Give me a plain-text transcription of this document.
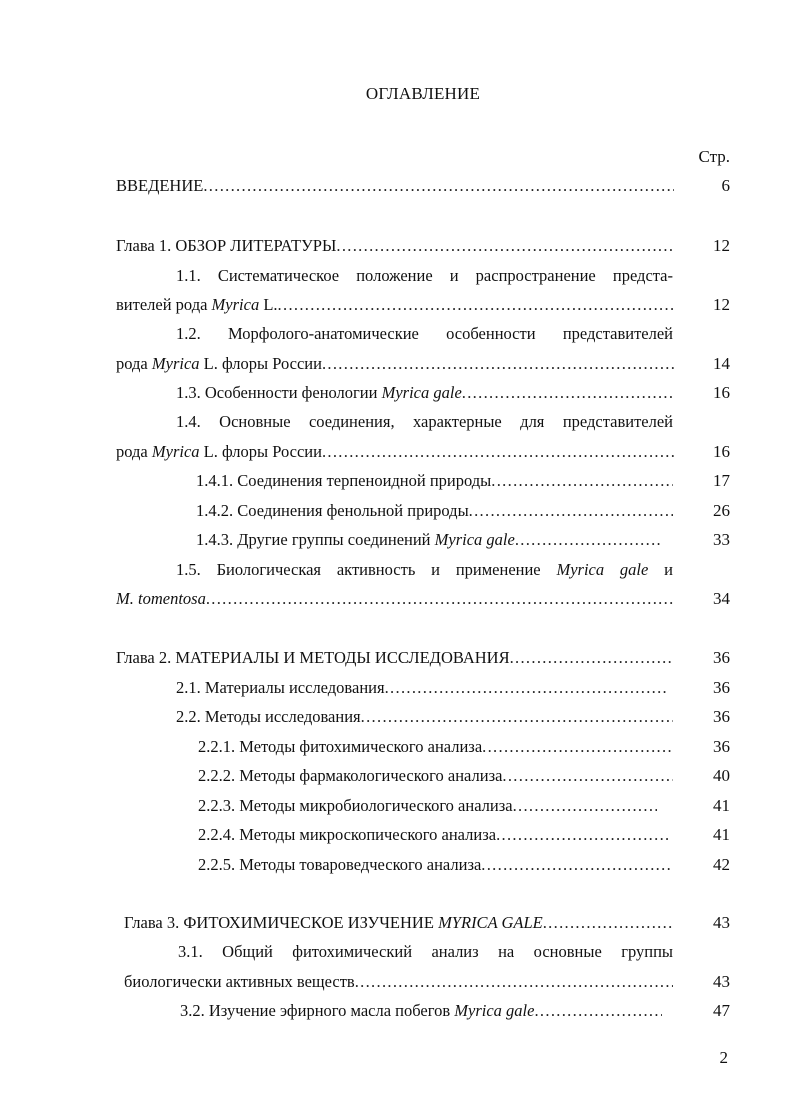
ОГЛАВЛЕНИЕ
Стр.
ВВЕДЕНИЕ . . .	6
Глава 1. ОБЗОР ЛИТЕРАТУРЫ . . .	12
1.1. Систематическое положение и распространение предста-
вителей рода Myrica L. . . .	12
1.2. Морфолого-анатомические особенности представителей
рода Myrica L. флоры России . . .	14
1.3. Особенности фенологии Myrica gale . . .	16
1.4. Основные соединения, характерные для представителей
рода Myrica L. флоры России . . .	16
1.4.1. Соединения терпеноидной природы . . .	17
1.4.2. Соединения фенольной природы . . .	26
1.4.3. Другие группы соединений Myrica gale . . .	33
1.5. Биологическая активность и применение Myrica gale и
M. tomentosa . . .	34
Глава 2. МАТЕРИАЛЫ И МЕТОДЫ ИССЛЕДОВАНИЯ . . .	36
2.1. Материалы исследования . . .	36
2.2. Методы исследования . . .	36
2.2.1. Методы фитохимического анализа . . .	36
2.2.2. Методы фармакологического анализа . . .	40
2.2.3. Методы микробиологического анализа . . .	41
2.2.4. Методы микроскопического анализа . . .	41
2.2.5. Методы товароведческого анализа . . .	42
Глава 3. ФИТОХИМИЧЕСКОЕ ИЗУЧЕНИЕ MYRICA GALE . . .	43
3.1. Общий фитохимический анализ на основные группы
биологически активных веществ . . .	43
3.2. Изучение эфирного масла побегов Myrica gale . . .	47
2
